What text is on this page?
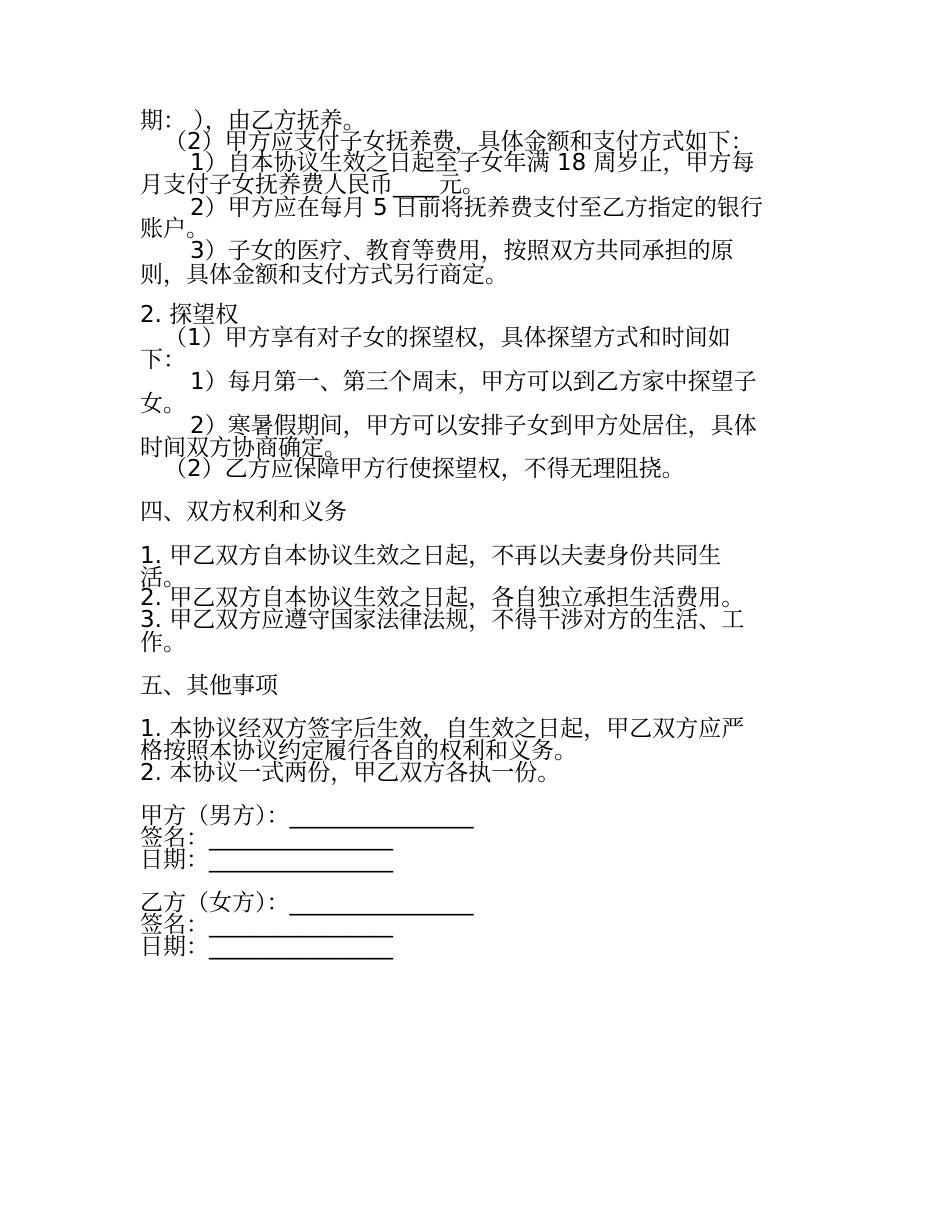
期： ），由乙方抚养。
（2）甲方应支付子女抚养费，具体金额和支付方式如下：
1）自本协议生效之日起至子女年满 18 周岁止，甲方每
月支付子女抚养费人民币____元。
2）甲方应在每月 5 日前将抚养费支付至乙方指定的银行
账户。
3）子女的医疗、教育等费用，按照双方共同承担的原
则，具体金额和支付方式另行商定。
2. 探望权
（1）甲方享有对子女的探望权，具体探望方式和时间如
下：
1）每月第一、第三个周末，甲方可以到乙方家中探望子
女。
2）寒暑假期间，甲方可以安排子女到甲方处居住，具体
时间双方协商确定。
（2）乙方应保障甲方行使探望权，不得无理阻挠。
四、双方权利和义务
1. 甲乙双方自本协议生效之日起，不再以夫妻身份共同生
活。
2. 甲乙双方自本协议生效之日起，各自独立承担生活费用。
3. 甲乙双方应遵守国家法律法规，不得干涉对方的生活、工
作。
五、其他事项
1. 本协议经双方签字后生效，自生效之日起，甲乙双方应严
格按照本协议约定履行各自的权利和义务。
2. 本协议一式两份，甲乙双方各执一份。
甲方（男方）：________________
签名：________________
日期：________________
乙方（女方）：________________
签名：________________
日期：________________
